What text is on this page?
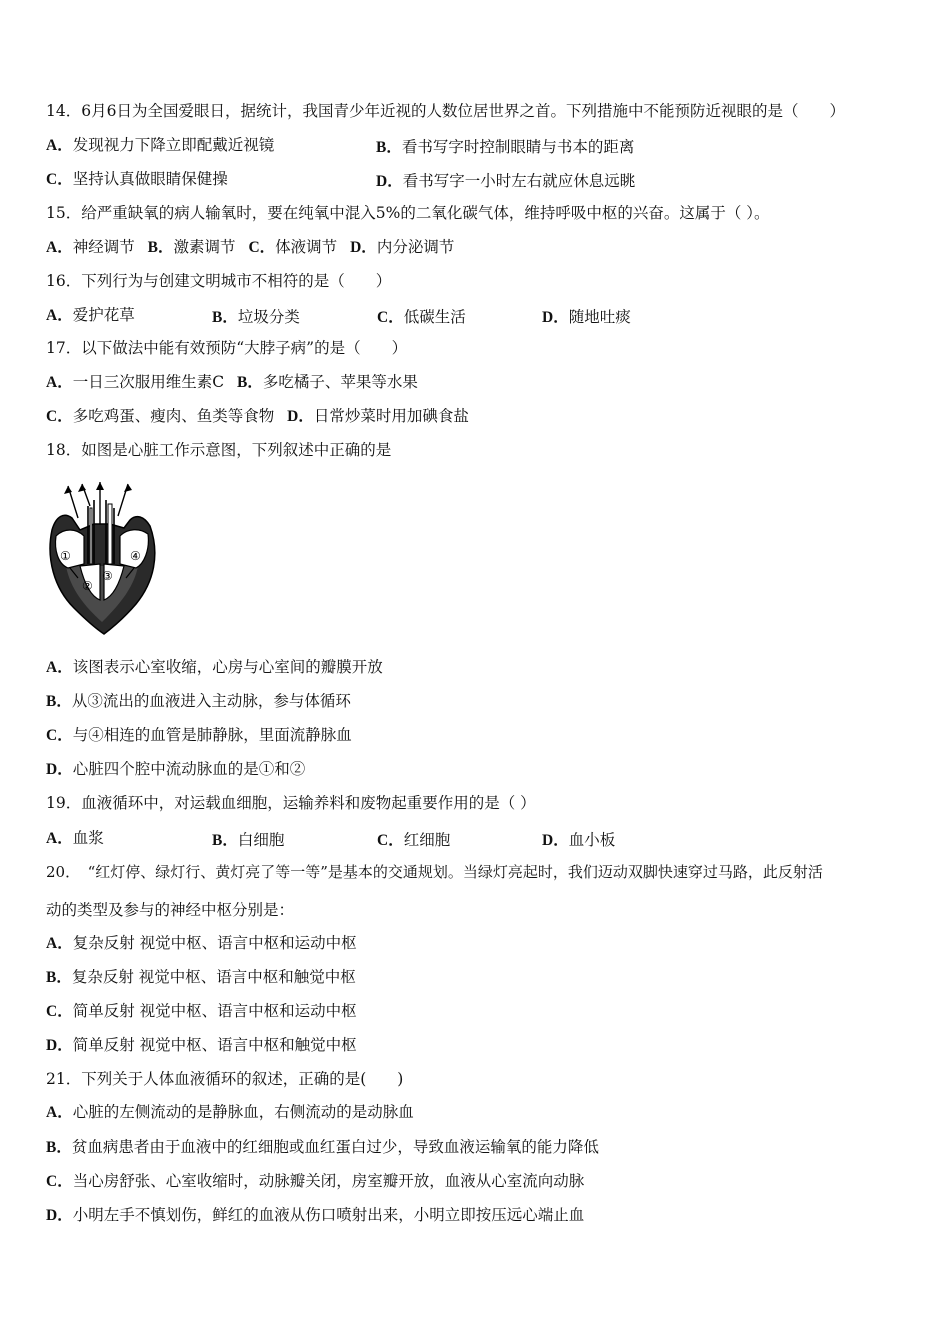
14．6月6日为全国爱眼日，据统计，我国青少年近视的人数位居世界之首。下列措施中不能预防近视眼的是（　　）
A．发现视力下降立即配戴近视镜	B．看书写字时控制眼睛与书本的距离
C．坚持认真做眼睛保健操	D．看书写字一小时左右就应休息远眺
15．给严重缺氧的病人输氧时，要在纯氧中混入5%的二氧化碳气体，维持呼吸中枢的兴奋。这属于（ ）。
A．神经调节 B．激素调节 C．体液调节 D．内分泌调节
16．下列行为与创建文明城市不相符的是（　　）
A．爱护花草	B．垃圾分类	C．低碳生活	D．随地吐痰
17．以下做法中能有效预防“大脖子病”的是（　　）
A．一日三次服用维生素C B．多吃橘子、苹果等水果
C．多吃鸡蛋、瘦肉、鱼类等食物 D．日常炒菜时用加碘食盐
18．如图是心脏工作示意图，下列叙述中正确的是
①
②
③
④
A．该图表示心室收缩，心房与心室间的瓣膜开放
B．从③流出的血液进入主动脉，参与体循环
C．与④相连的血管是肺静脉，里面流静脉血
D．心脏四个腔中流动脉血的是①和②
19．血液循环中，对运载血细胞，运输养料和废物起重要作用的是（ ）
A．血浆	B．白细胞	C．红细胞	D．血小板
20．　“红灯停、绿灯行、黄灯亮了等一等”是基本的交通规划。当绿灯亮起时，我们迈动双脚快速穿过马路，此反射活
动的类型及参与的神经中枢分别是：
A．复杂反射 视觉中枢、语言中枢和运动中枢
B．复杂反射 视觉中枢、语言中枢和触觉中枢
C．简单反射 视觉中枢、语言中枢和运动中枢
D．简单反射 视觉中枢、语言中枢和触觉中枢
21．下列关于人体血液循环的叙述，正确的是(　　)
A．心脏的左侧流动的是静脉血，右侧流动的是动脉血
B．贫血病患者由于血液中的红细胞或血红蛋白过少，导致血液运输氧的能力降低
C．当心房舒张、心室收缩时，动脉瓣关闭，房室瓣开放，血液从心室流向动脉
D．小明左手不慎划伤，鲜红的血液从伤口喷射出来，小明立即按压远心端止血
